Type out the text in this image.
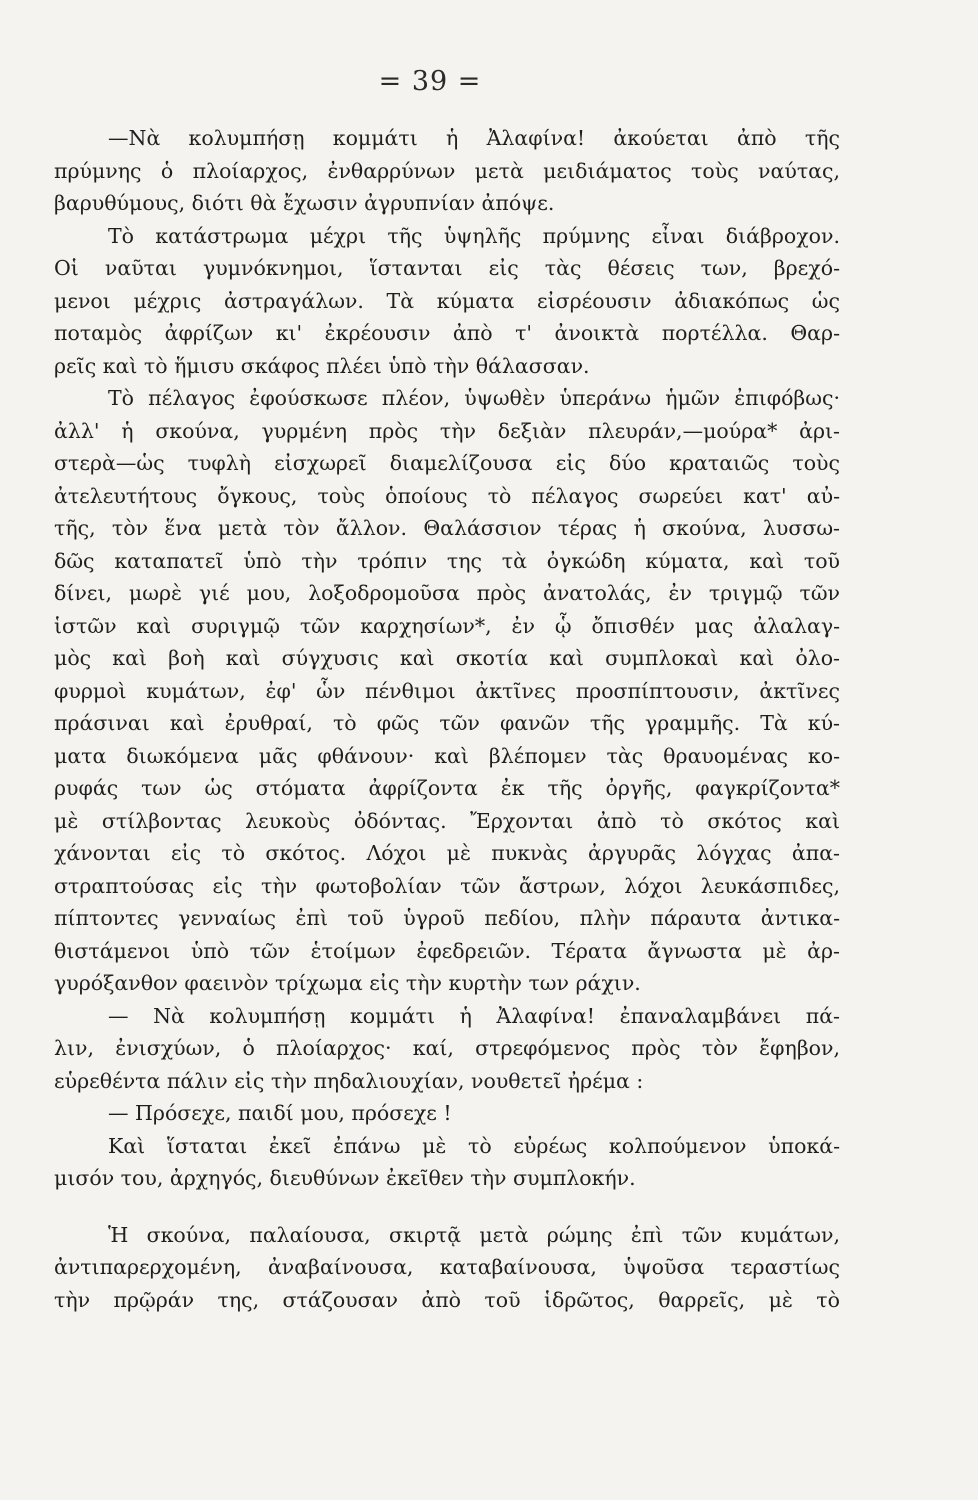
= 39 =
—Νὰ κολυμπήσῃ κομμάτι ἡ Ἀλαφίνα! ἀκούεται ἀπὸ τῆς
πρύμνης ὁ πλοίαρχος, ἐνθαρρύνων μετὰ μειδιάματος τοὺς ναύτας,
βαρυθύμους, διότι θὰ ἔχωσιν ἀγρυπνίαν ἀπόψε.
Τὸ κατάστρωμα μέχρι τῆς ὑψηλῆς πρύμνης εἶναι διάβροχον.
Οἱ ναῦται γυμνόκνημοι, ἵστανται εἰς τὰς θέσεις των, βρεχό-
μενοι μέχρις ἀστραγάλων. Τὰ κύματα εἰσρέουσιν ἀδιακόπως ὡς
ποταμὸς ἀφρίζων κι' ἐκρέουσιν ἀπὸ τ' ἀνοικτὰ πορτέλλα. Θαρ-
ρεῖς καὶ τὸ ἥμισυ σκάφος πλέει ὑπὸ τὴν θάλασσαν.
Τὸ πέλαγος ἐφούσκωσε πλέον, ὑψωθὲν ὑπεράνω ἡμῶν ἐπιφόβως·
ἀλλ' ἡ σκούνα, γυρμένη πρὸς τὴν δεξιὰν πλευράν,—μούρα* ἀρι-
στερὰ—ὡς τυφλὴ εἰσχωρεῖ διαμελίζουσα εἰς δύο κραταιῶς τοὺς
ἀτελευτήτους ὄγκους, τοὺς ὁποίους τὸ πέλαγος σωρεύει κατ' αὐ-
τῆς, τὸν ἕνα μετὰ τὸν ἄλλον. Θαλάσσιον τέρας ἡ σκούνα, λυσσω-
δῶς καταπατεῖ ὑπὸ τὴν τρόπιν της τὰ ὀγκώδη κύματα, καὶ τοῦ
δίνει, μωρὲ γιέ μου, λοξοδρομοῦσα πρὸς ἀνατολάς, ἐν τριγμῷ τῶν
ἱστῶν καὶ συριγμῷ τῶν καρχησίων*, ἐν ᾧ ὄπισθέν μας ἀλαλαγ-
μὸς καὶ βοὴ καὶ σύγχυσις καὶ σκοτία καὶ συμπλοκαὶ καὶ ὀλο-
φυρμοὶ κυμάτων, ἐφ' ὧν πένθιμοι ἀκτῖνες προσπίπτουσιν, ἀκτῖνες
πράσιναι καὶ ἐρυθραί, τὸ φῶς τῶν φανῶν τῆς γραμμῆς. Τὰ κύ-
ματα διωκόμενα μᾶς φθάνουν· καὶ βλέπομεν τὰς θραυομένας κο-
ρυφάς των ὡς στόματα ἀφρίζοντα ἐκ τῆς ὀργῆς, φαγκρίζοντα*
μὲ στίλβοντας λευκοὺς ὀδόντας. Ἔρχονται ἀπὸ τὸ σκότος καὶ
χάνονται εἰς τὸ σκότος. Λόχοι μὲ πυκνὰς ἀργυρᾶς λόγχας ἀπα-
στραπτούσας εἰς τὴν φωτοβολίαν τῶν ἄστρων, λόχοι λευκάσπιδες,
πίπτοντες γενναίως ἐπὶ τοῦ ὑγροῦ πεδίου, πλὴν πάραυτα ἀντικα-
θιστάμενοι ὑπὸ τῶν ἑτοίμων ἐφεδρειῶν. Τέρατα ἄγνωστα μὲ ἀρ-
γυρόξανθον φαεινὸν τρίχωμα εἰς τὴν κυρτὴν των ράχιν.
— Νὰ κολυμπήσῃ κομμάτι ἡ Ἀλαφίνα! ἐπαναλαμβάνει πά-
λιν, ἐνισχύων, ὁ πλοίαρχος· καί, στρεφόμενος πρὸς τὸν ἔφηβον,
εὑρεθέντα πάλιν εἰς τὴν πηδαλιουχίαν, νουθετεῖ ἠρέμα :
— Πρόσεχε, παιδί μου, πρόσεχε !
Καὶ ἵσταται ἐκεῖ ἐπάνω μὲ τὸ εὐρέως κολπούμενον ὑποκά-
μισόν του, ἀρχηγός, διευθύνων ἐκεῖθεν τὴν συμπλοκήν.
Ἡ σκούνα, παλαίουσα, σκιρτᾷ μετὰ ρώμης ἐπὶ τῶν κυμάτων,
ἀντιπαρερχομένη, ἀναβαίνουσα, καταβαίνουσα, ὑψοῦσα τεραστίως
τὴν πρῷράν της, στάζουσαν ἀπὸ τοῦ ἱδρῶτος, θαρρεῖς, μὲ τὸ
